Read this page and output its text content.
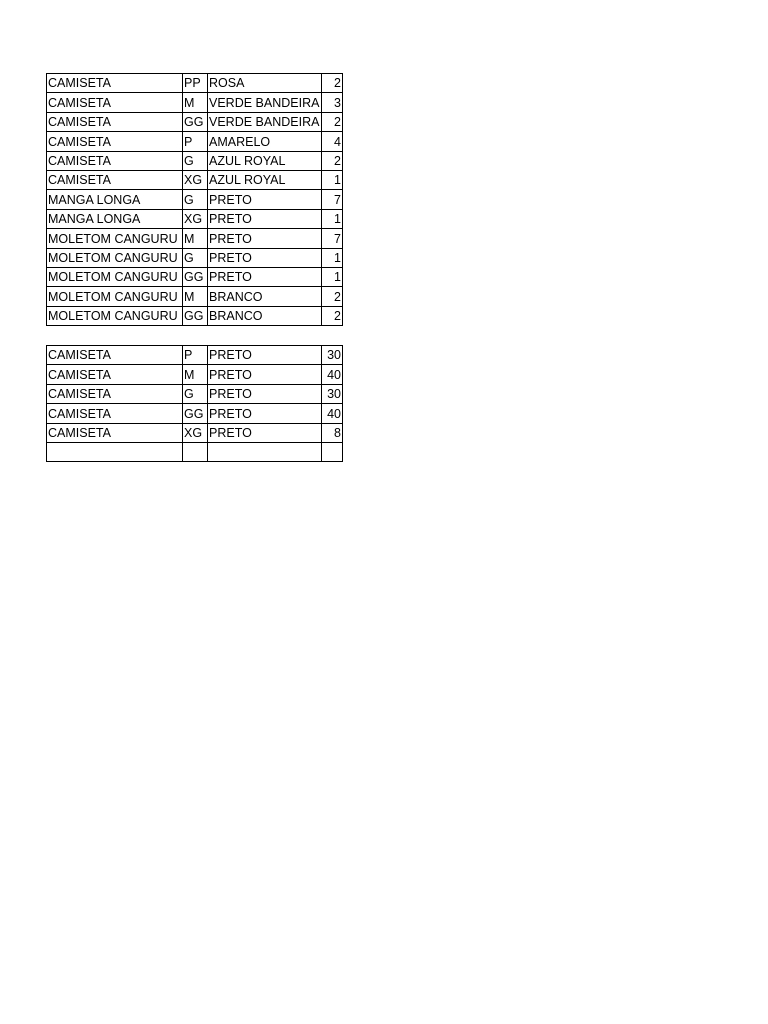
CAMISETA	PP	ROSA	2
CAMISETA	M	VERDE BANDEIRA	3
CAMISETA	GG	VERDE BANDEIRA	2
CAMISETA	P	AMARELO	4
CAMISETA	G	AZUL ROYAL	2
CAMISETA	XG	AZUL ROYAL	1
MANGA LONGA	G	PRETO	7
MANGA LONGA	XG	PRETO	1
MOLETOM CANGURU	M	PRETO	7
MOLETOM CANGURU	G	PRETO	1
MOLETOM CANGURU	GG	PRETO	1
MOLETOM CANGURU	M	BRANCO	2
MOLETOM CANGURU	GG	BRANCO	2
CAMISETA	P	PRETO	30
CAMISETA	M	PRETO	40
CAMISETA	G	PRETO	30
CAMISETA	GG	PRETO	40
CAMISETA	XG	PRETO	8
